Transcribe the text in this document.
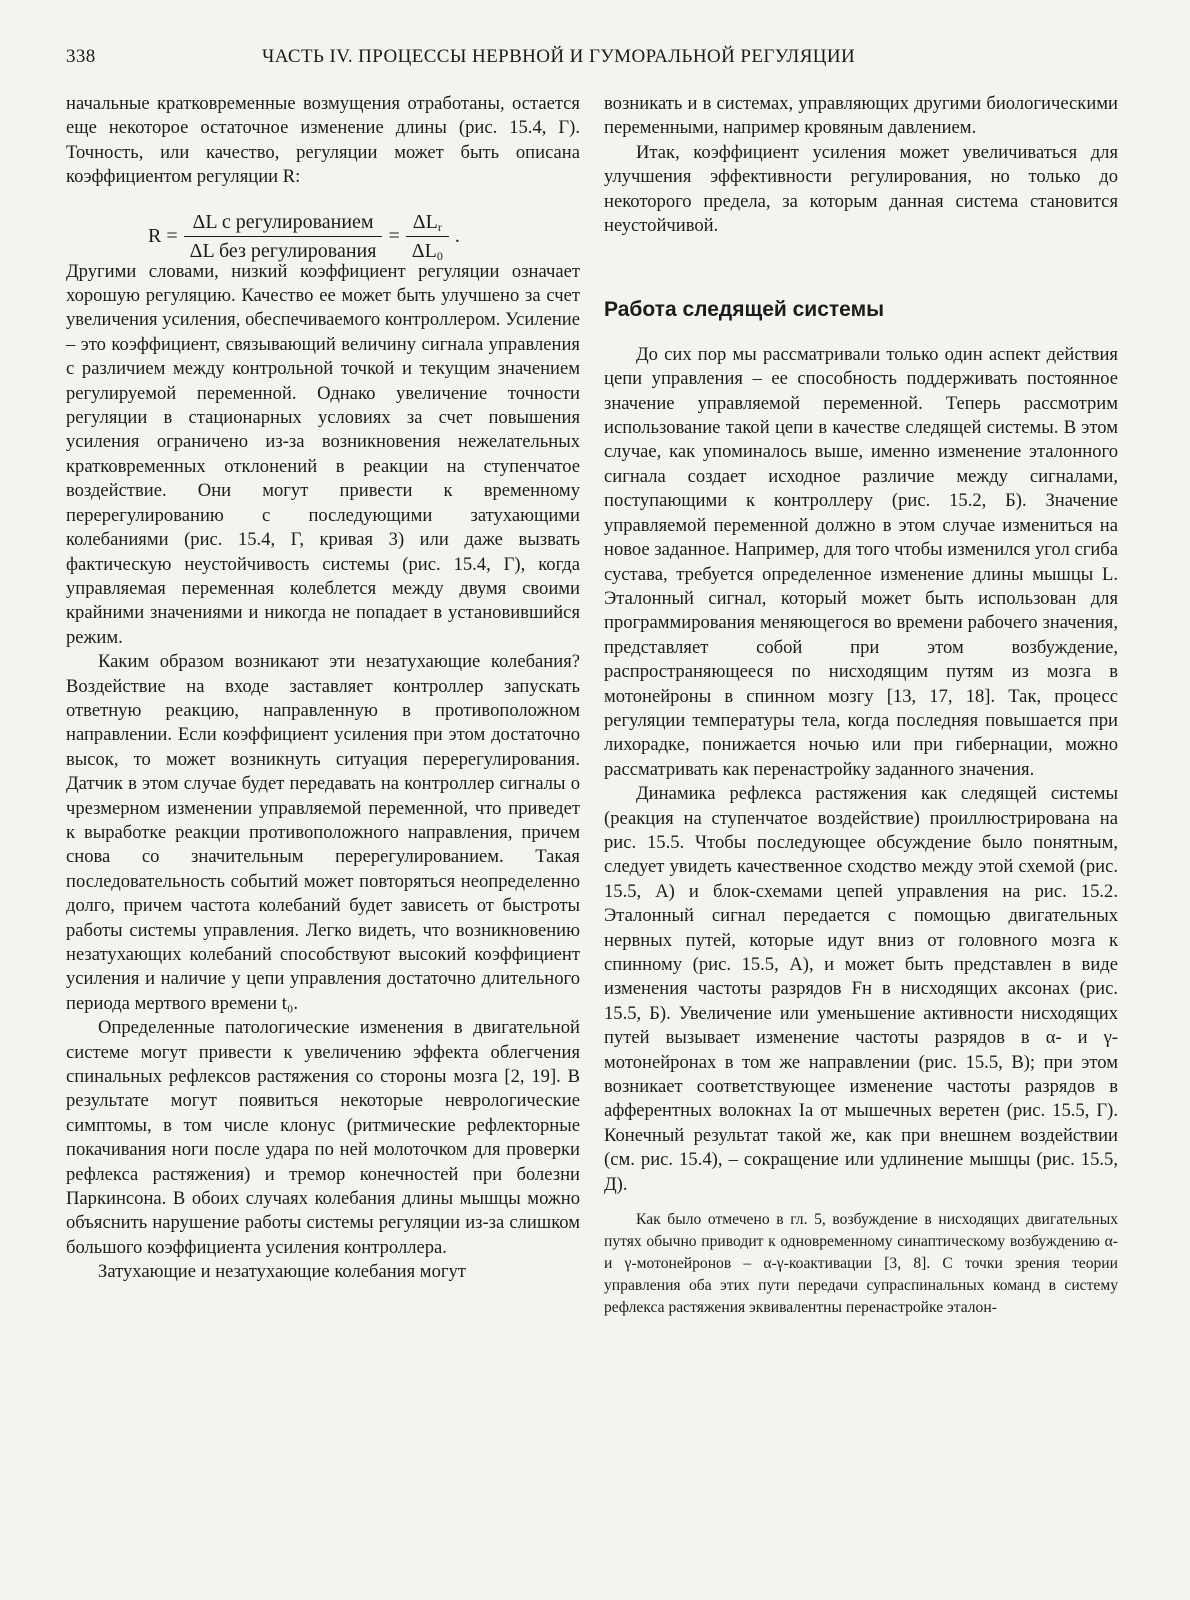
338	ЧАСТЬ IV. ПРОЦЕССЫ НЕРВНОЙ И ГУМОРАЛЬНОЙ РЕГУЛЯЦИИ

начальные кратковременные возмущения отработаны, остается еще некоторое остаточное изменение длины (рис. 15.4, Г). Точность, или качество, регуляции может быть описана коэффициентом регуляции R:

$R = \frac{\text{ΔL с регулированием}}{\text{ΔL без регулирования}} = \frac{\Delta L_r}{\Delta L_0}$ .

Другими словами, низкий коэффициент регуляции означает хорошую регуляцию. Качество ее может быть улучшено за счет увеличения усиления, обеспечиваемого контроллером. Усиление – это коэффициент, связывающий величину сигнала управления с различием между контрольной точкой и текущим значением регулируемой переменной. Однако увеличение точности регуляции в стационарных условиях за счет повышения усиления ограничено из-за возникновения нежелательных кратковременных отклонений в реакции на ступенчатое воздействие. Они могут привести к временному перерегулированию с последующими затухающими колебаниями (рис. 15.4, Г, кривая 3) или даже вызвать фактическую неустойчивость системы (рис. 15.4, Г), когда управляемая переменная колеблется между двумя своими крайними значениями и никогда не попадает в установившийся режим.

Каким образом возникают эти незатухающие колебания? Воздействие на входе заставляет контроллер запускать ответную реакцию, направленную в противоположном направлении. Если коэффициент усиления при этом достаточно высок, то может возникнуть ситуация перерегулирования. Датчик в этом случае будет передавать на контроллер сигналы о чрезмерном изменении управляемой переменной, что приведет к выработке реакции противоположного направления, причем снова со значительным перерегулированием. Такая последовательность событий может повторяться неопределенно долго, причем частота колебаний будет зависеть от быстроты работы системы управления. Легко видеть, что возникновению незатухающих колебаний способствуют высокий коэффициент усиления и наличие у цепи управления достаточно длительного периода мертвого времени t₀.

Определенные патологические изменения в двигательной системе могут привести к увеличению эффекта облегчения спинальных рефлексов растяжения со стороны мозга [2, 19]. В результате могут появиться некоторые неврологические симптомы, в том числе клонус (ритмические рефлекторные покачивания ноги после удара по ней молоточком для проверки рефлекса растяжения) и тремор конечностей при болезни Паркинсона. В обоих случаях колебания длины мышцы можно объяснить нарушение работы системы регуляции из-за слишком большого коэффициента усиления контроллера.

Затухающие и незатухающие колебания могут

возникать и в системах, управляющих другими биологическими переменными, например кровяным давлением.

Итак, коэффициент усиления может увеличиваться для улучшения эффективности регулирования, но только до некоторого предела, за которым данная система становится неустойчивой.

Работа следящей системы

До сих пор мы рассматривали только один аспект действия цепи управления – ее способность поддерживать постоянное значение управляемой переменной. Теперь рассмотрим использование такой цепи в качестве следящей системы. В этом случае, как упоминалось выше, именно изменение эталонного сигнала создает исходное различие между сигналами, поступающими к контроллеру (рис. 15.2, Б). Значение управляемой переменной должно в этом случае измениться на новое заданное. Например, для того чтобы изменился угол сгиба сустава, требуется определенное изменение длины мышцы L. Эталонный сигнал, который может быть использован для программирования меняющегося во времени рабочего значения, представляет собой при этом возбуждение, распространяющееся по нисходящим путям из мозга в мотонейроны в спинном мозгу [13, 17, 18]. Так, процесс регуляции температуры тела, когда последняя повышается при лихорадке, понижается ночью или при гибернации, можно рассматривать как перенастройку заданного значения.

Динамика рефлекса растяжения как следящей системы (реакция на ступенчатое воздействие) проиллюстрирована на рис. 15.5. Чтобы последующее обсуждение было понятным, следует увидеть качественное сходство между этой схемой (рис. 15.5, А) и блок-схемами цепей управления на рис. 15.2. Эталонный сигнал передается с помощью двигательных нервных путей, которые идут вниз от головного мозга к спинному (рис. 15.5, А), и может быть представлен в виде изменения частоты разрядов Fн в нисходящих аксонах (рис. 15.5, Б). Увеличение или уменьшение активности нисходящих путей вызывает изменение частоты разрядов в α- и γ-мотонейронах в том же направлении (рис. 15.5, В); при этом возникает соответствующее изменение частоты разрядов в афферентных волокнах Ia от мышечных веретен (рис. 15.5, Г). Конечный результат такой же, как при внешнем воздействии (см. рис. 15.4), – сокращение или удлинение мышцы (рис. 15.5, Д).

Как было отмечено в гл. 5, возбуждение в нисходящих двигательных путях обычно приводит к одновременному синаптическому возбуждению α- и γ-мотонейронов – α-γ-коактивации [3, 8]. С точки зрения теории управления оба этих пути передачи супраспинальных команд в систему рефлекса растяжения эквивалентны перенастройке эталон-
